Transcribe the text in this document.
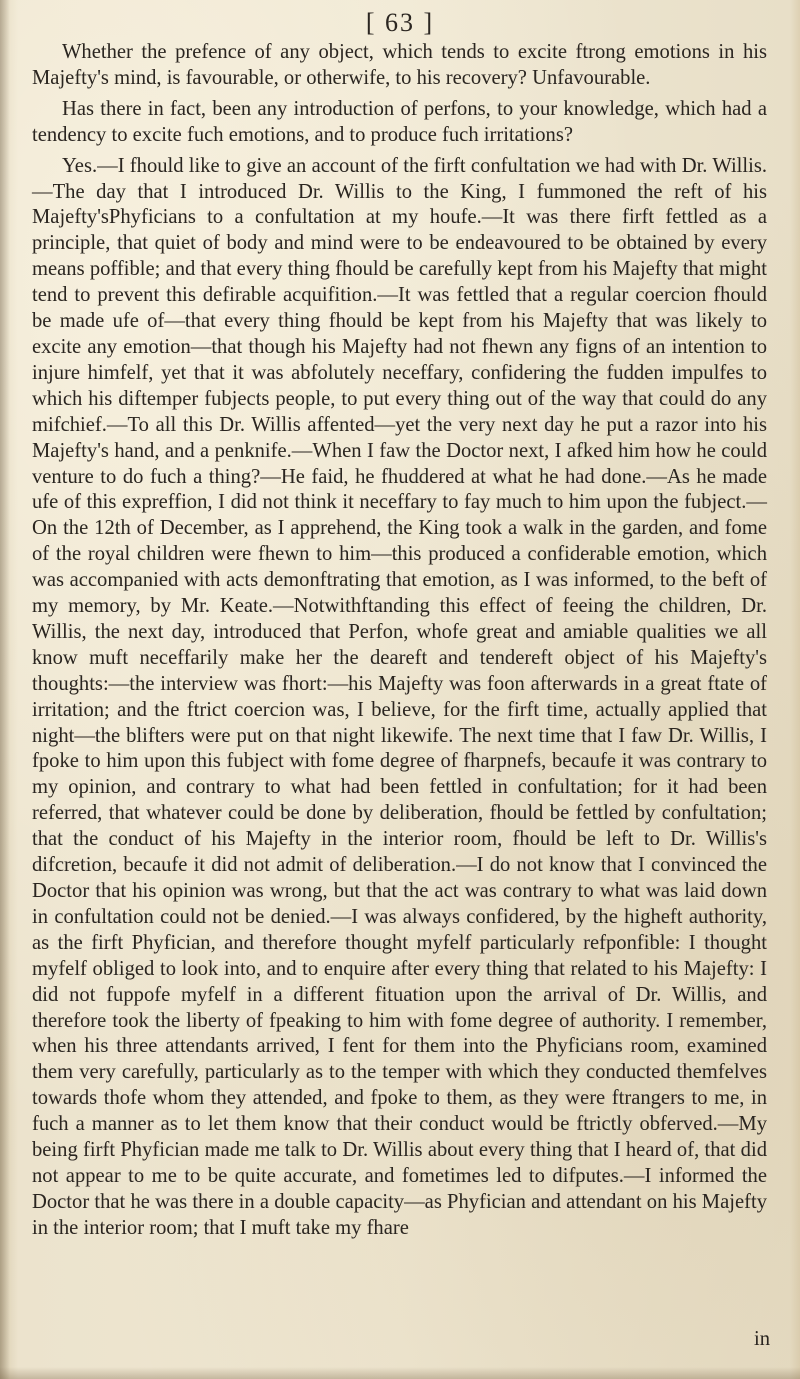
[ 63 ]

Whether the prefence of any object, which tends to excite ftrong emotions in his Majefty's mind, is favourable, or otherwife, to his recovery? Unfavourable.

Has there in fact, been any introduction of perfons, to your knowledge, which had a tendency to excite fuch emotions, and to produce fuch irritations?

Yes.—I fhould like to give an account of the firft confultation we had with Dr. Willis.—The day that I introduced Dr. Willis to the King, I fummoned the reft of his Majefty'sPhyficians to a confultation at my houfe.—It was there firft fettled as a principle, that quiet of body and mind were to be endeavoured to be obtained by every means poffible; and that every thing fhould be carefully kept from his Majefty that might tend to prevent this defirable acquifition.—It was fettled that a regular coercion fhould be made ufe of—that every thing fhould be kept from his Majefty that was likely to excite any emotion—that though his Majefty had not fhewn any figns of an intention to injure himfelf, yet that it was abfolutely neceffary, confidering the fudden impulfes to which his diftemper fubjects people, to put every thing out of the way that could do any mifchief.—To all this Dr. Willis affented—yet the very next day he put a razor into his Majefty's hand, and a penknife.—When I faw the Doctor next, I afked him how he could venture to do fuch a thing?—He faid, he fhuddered at what he had done.—As he made ufe of this expreffion, I did not think it neceffary to fay much to him upon the fubject.—On the 12th of December, as I apprehend, the King took a walk in the garden, and fome of the royal children were fhewn to him—this produced a confiderable emotion, which was accompanied with acts demonftrating that emotion, as I was informed, to the beft of my memory, by Mr. Keate.—Notwithftanding this effect of feeing the children, Dr. Willis, the next day, introduced that Perfon, whofe great and amiable qualities we all know muft neceffarily make her the deareft and tendereft object of his Majefty's thoughts:—the interview was fhort:—his Majefty was foon afterwards in a great ftate of irritation; and the ftrict coercion was, I believe, for the firft time, actually applied that night—the blifters were put on that night likewife. The next time that I faw Dr. Willis, I fpoke to him upon this fubject with fome degree of fharpnefs, becaufe it was contrary to my opinion, and contrary to what had been fettled in confultation; for it had been referred, that whatever could be done by deliberation, fhould be fettled by confultation; that the conduct of his Majefty in the interior room, fhould be left to Dr. Willis's difcretion, becaufe it did not admit of deliberation.—I do not know that I convinced the Doctor that his opinion was wrong, but that the act was contrary to what was laid down in confultation could not be denied.—I was always confidered, by the higheft authority, as the firft Phyfician, and therefore thought myfelf particularly refponfible: I thought myfelf obliged to look into, and to enquire after every thing that related to his Majefty: I did not fuppofe myfelf in a different fituation upon the arrival of Dr. Willis, and therefore took the liberty of fpeaking to him with fome degree of authority. I remember, when his three attendants arrived, I fent for them into the Phyficians room, examined them very carefully, particularly as to the temper with which they conducted themfelves towards thofe whom they attended, and fpoke to them, as they were ftrangers to me, in fuch a manner as to let them know that their conduct would be ftrictly obferved.—My being firft Phyfician made me talk to Dr. Willis about every thing that I heard of, that did not appear to me to be quite accurate, and fometimes led to difputes.—I informed the Doctor that he was there in a double capacity—as Phyfician and attendant on his Majefty in the interior room; that I muft take my fhare

in
